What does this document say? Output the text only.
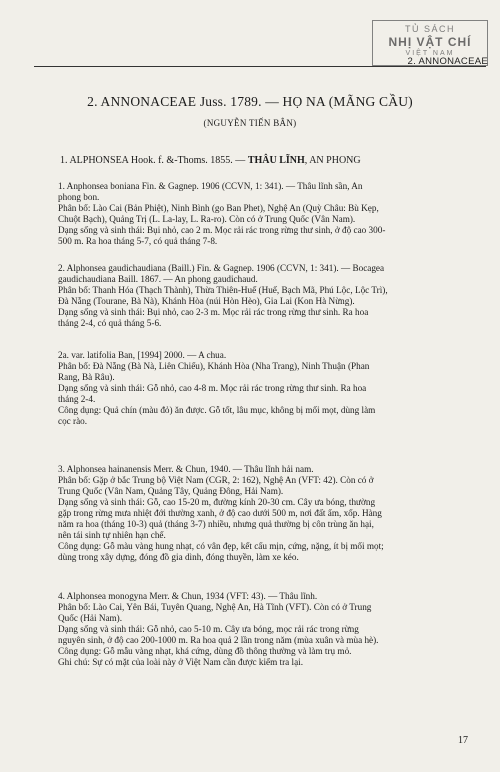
TỦ SÁCH
NHỊ VẬT CHÍ
VIỆT NAM
2. ANNONACEAE
2. ANNONACEAE Juss. 1789. — HỌ NA (MÃNG CẦU)
(NGUYỄN TIẾN BÂN)
1. ALPHONSEA Hook. f. &-Thoms. 1855. — THÂU LĨNH, AN PHONG
1. Anphonsea boniana Fin. & Gagnep. 1906 (CCVN, 1: 341). — Thâu lĩnh sần, An
phong bon.
Phân bố: Lào Cai (Bản Phiệt), Ninh Bình (go Ban Phet), Nghệ An (Quỳ Châu: Bù Kẹp,
Chuột Bạch), Quảng Trị (L. La-lay, L. Ra-ro). Còn có ở Trung Quốc (Vân Nam).
Dạng sống và sinh thái: Bụi nhỏ, cao 2 m. Mọc rải rác trong rừng thư sinh, ở độ cao 300-
500 m. Ra hoa tháng 5-7, có quả tháng 7-8.
2. Alphonsea gaudichaudiana (Baill.) Fin. & Gagnep. 1906 (CCVN, 1: 341). — Bocagea
gaudichaudiana Baill. 1867. — An phong gaudichaud.
Phân bố: Thanh Hóa (Thạch Thành), Thừa Thiên-Huế (Huế, Bạch Mã, Phú Lộc, Lộc Trì),
Đà Nẵng (Tourane, Bà Nà), Khánh Hòa (núi Hòn Hèo), Gia Lai (Kon Hà Nừng).
Dạng sống và sinh thái: Bụi nhỏ, cao 2-3 m. Mọc rải rác trong rừng thư sinh. Ra hoa
tháng 2-4, có quả tháng 5-6.
2a. var. latifolia Ban, [1994] 2000. — A chua.
Phân bố: Đà Nẵng (Bà Nà, Liên Chiểu), Khánh Hòa (Nha Trang), Ninh Thuận (Phan
Rang, Bà Râu).
Dạng sống và sinh thái: Gỗ nhỏ, cao 4-8 m. Mọc rải rác trong rừng thư sinh. Ra hoa
tháng 2-4.
Công dụng: Quả chín (màu đỏ) ăn được. Gỗ tốt, lâu mục, không bị mối mọt, dùng làm
cọc rào.
3. Alphonsea hainanensis Merr. & Chun, 1940. — Thâu lĩnh hải nam.
Phân bố: Gặp ở bắc Trung bộ Việt Nam (CGR, 2: 162), Nghệ An (VFT: 42). Còn có ở
Trung Quốc (Vân Nam, Quảng Tây, Quảng Đông, Hải Nam).
Dạng sống và sinh thái: Gỗ, cao 15-20 m, đường kính 20-30 cm. Cây ưa bóng, thường
gặp trong rừng mưa nhiệt đới thường xanh, ở độ cao dưới 500 m, nơi đất ẩm, xốp. Hàng
năm ra hoa (tháng 10-3) quả (tháng 3-7) nhiều, nhưng quả thường bị côn trùng ăn hại,
nên tái sinh tự nhiên hạn chế.
Công dụng: Gỗ màu vàng hung nhạt, có vân đẹp, kết cấu mịn, cứng, nặng, ít bị mối mọt;
dùng trong xây dựng, đóng đồ gia dình, đóng thuyền, làm xe kéo.
4. Alphonsea monogyna Merr. & Chun, 1934 (VFT: 43). — Thâu lĩnh.
Phân bố: Lào Cai, Yên Bái, Tuyên Quang, Nghệ An, Hà Tĩnh (VFT). Còn có ở Trung
Quốc (Hải Nam).
Dạng sống và sinh thái: Gỗ nhỏ, cao 5-10 m. Cây ưa bóng, mọc rải rác trong rừng
nguyên sinh, ở độ cao 200-1000 m. Ra hoa quả 2 lần trong năm (mùa xuân và mùa hè).
Công dụng: Gỗ mẫu vàng nhạt, khá cứng, dùng đồ thông thường và làm trụ mỏ.
Ghi chú: Sự có mặt của loài này ở Việt Nam cần được kiểm tra lại.
17
